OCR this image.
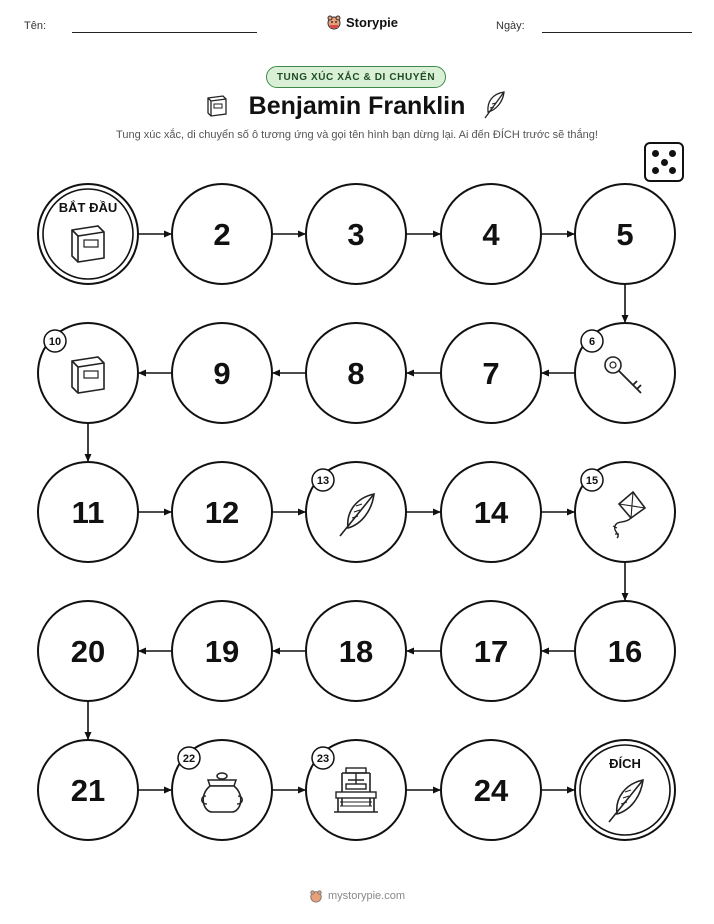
Tên:	Storypie	Ngày:
TUNG XÚC XẮC & DI CHUYỂN
Benjamin Franklin
Tung xúc xắc, di chuyển số ô tương ứng và gọi tên hình bạn dừng lại. Ai đến ĐÍCH trước sẽ thắng!
BẮT ĐẦU
2	3	4	5
6
7
8
9
10
11	12
13
14
15
16
17
18
19
20
21
22	23
24
ĐÍCH
mystorypie.com
